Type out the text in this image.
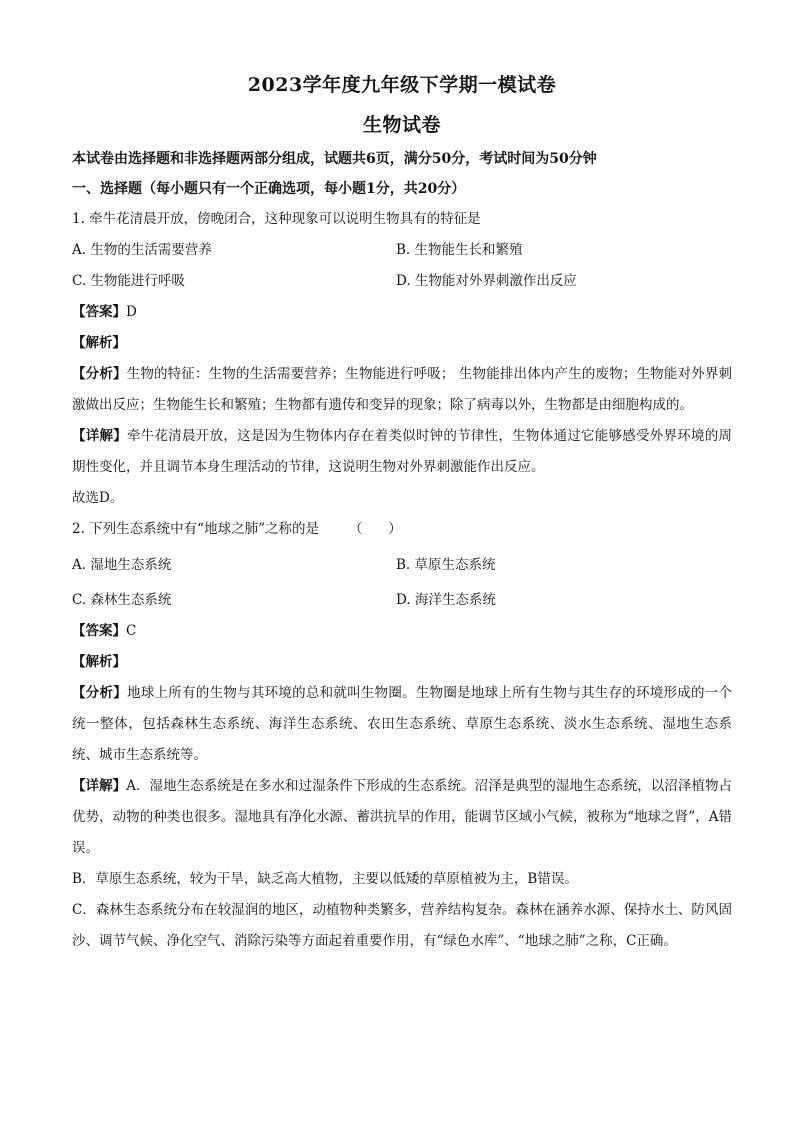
2023学年度九年级下学期一模试卷
生物试卷
本试卷由选择题和非选择题两部分组成，试题共6页，满分50分，考试时间为50分钟
一、选择题（每小题只有一个正确选项，每小题1分，共20分）
1. 牵牛花清晨开放，傍晚闭合，这种现象可以说明生物具有的特征是
A. 生物的生活需要营养	B. 生物能生长和繁殖
C. 生物能进行呼吸	D. 生物能对外界刺激作出反应
【答案】D
【解析】
【分析】生物的特征：生物的生活需要营养；生物能进行呼吸； 生物能排出体内产生的废物；生物能对外界刺激做出反应；生物能生长和繁殖；生物都有遗传和变异的现象；除了病毒以外，生物都是由细胞构成的。
【详解】牵牛花清晨开放，这是因为生物体内存在着类似时钟的节律性，生物体通过它能够感受外界环境的周期性变化，并且调节本身生理活动的节律，这说明生物对外界刺激能作出反应。
故选D。
2. 下列生态系统中有“地球之肺”之称的是       （      ）
A. 湿地生态系统	B. 草原生态系统
C. 森林生态系统	D. 海洋生态系统
【答案】C
【解析】
【分析】地球上所有的生物与其环境的总和就叫生物圈。生物圈是地球上所有生物与其生存的环境形成的一个统一整体，包括森林生态系统、海洋生态系统、农田生态系统、草原生态系统、淡水生态系统、湿地生态系统、城市生态系统等。
【详解】A．湿地生态系统是在多水和过湿条件下形成的生态系统。沼泽是典型的湿地生态系统，以沼泽植物占优势，动物的种类也很多。湿地具有净化水源、蓄洪抗旱的作用，能调节区域小气候，被称为“地球之肾”，A错误。
B．草原生态系统，较为干旱，缺乏高大植物，主要以低矮的草原植被为主，B错误。
C．森林生态系统分布在较湿润的地区，动植物种类繁多，营养结构复杂。森林在涵养水源、保持水土、防风固沙、调节气候、净化空气、消除污染等方面起着重要作用，有“绿色水库”、“地球之肺”之称，C正确。
